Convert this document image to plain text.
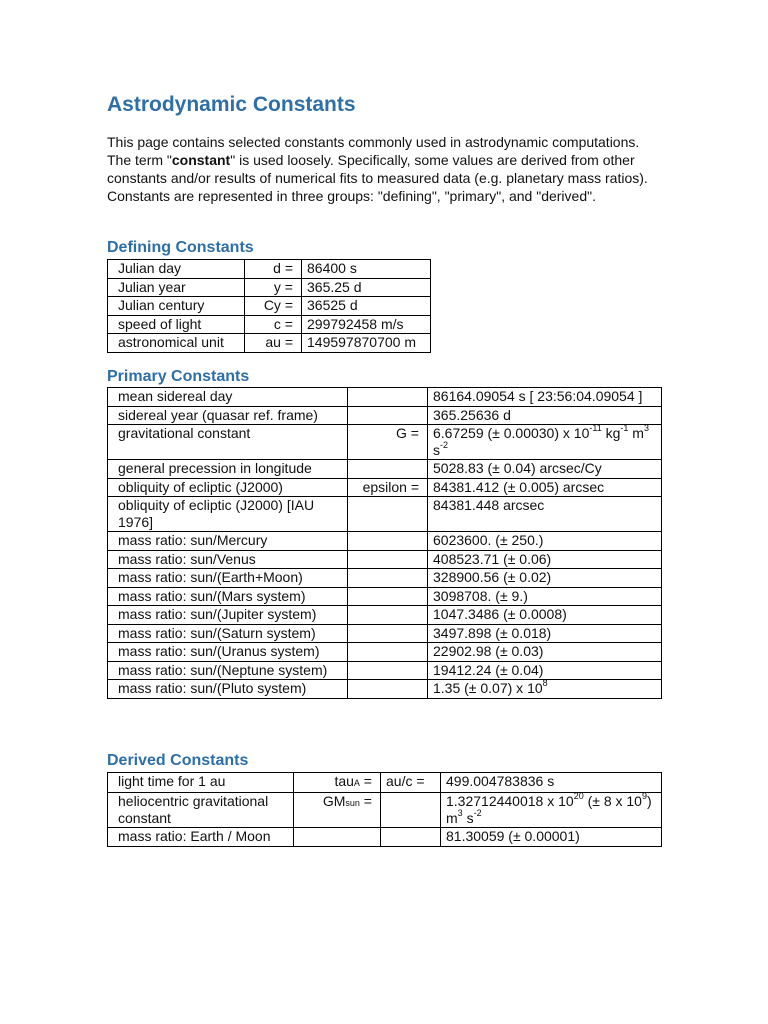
Astrodynamic Constants

This page contains selected constants commonly used in astrodynamic computations. The term "constant" is used loosely. Specifically, some values are derived from other constants and/or results of numerical fits to measured data (e.g. planetary mass ratios). Constants are represented in three groups: "defining", "primary", and "derived".

Defining Constants
Julian day	d =	86400 s
Julian year	y =	365.25 d
Julian century	Cy =	36525 d
speed of light	c =	299792458 m/s
astronomical unit	au =	149597870700 m
Primary Constants
mean sidereal day		86164.09054 s [ 23:56:04.09054 ]
sidereal year (quasar ref. frame)		365.25636 d
gravitational constant	G =	6.67259 (± 0.00030) x $10^{-11}$ $kg^{-1}$ $m^3$ $s^{-2}$
general precession in longitude		5028.83 (± 0.04) arcsec/Cy
obliquity of ecliptic (J2000)	epsilon =	84381.412 (± 0.005) arcsec
obliquity of ecliptic (J2000) [IAU 1976]		84381.448 arcsec
mass ratio: sun/Mercury		6023600. (± 250.)
mass ratio: sun/Venus		408523.71 (± 0.06)
mass ratio: sun/(Earth+Moon)		328900.56 (± 0.02)
mass ratio: sun/(Mars system)		3098708. (± 9.)
mass ratio: sun/(Jupiter system)		1047.3486 (± 0.0008)
mass ratio: sun/(Saturn system)		3497.898 (± 0.018)
mass ratio: sun/(Uranus system)		22902.98 (± 0.03)
mass ratio: sun/(Neptune system)		19412.24 (± 0.04)
mass ratio: sun/(Pluto system)		1.35 (± 0.07) x $10^8$
Derived Constants
light time for 1 au	tauA =	au/c =	499.004783836 s
heliocentric gravitational constant	GMsun =		1.32712440018 x $10^{20}$ (± 8 x $10^9$) $m^3$ $s^{-2}$
mass ratio: Earth / Moon			81.30059 (± 0.00001)
